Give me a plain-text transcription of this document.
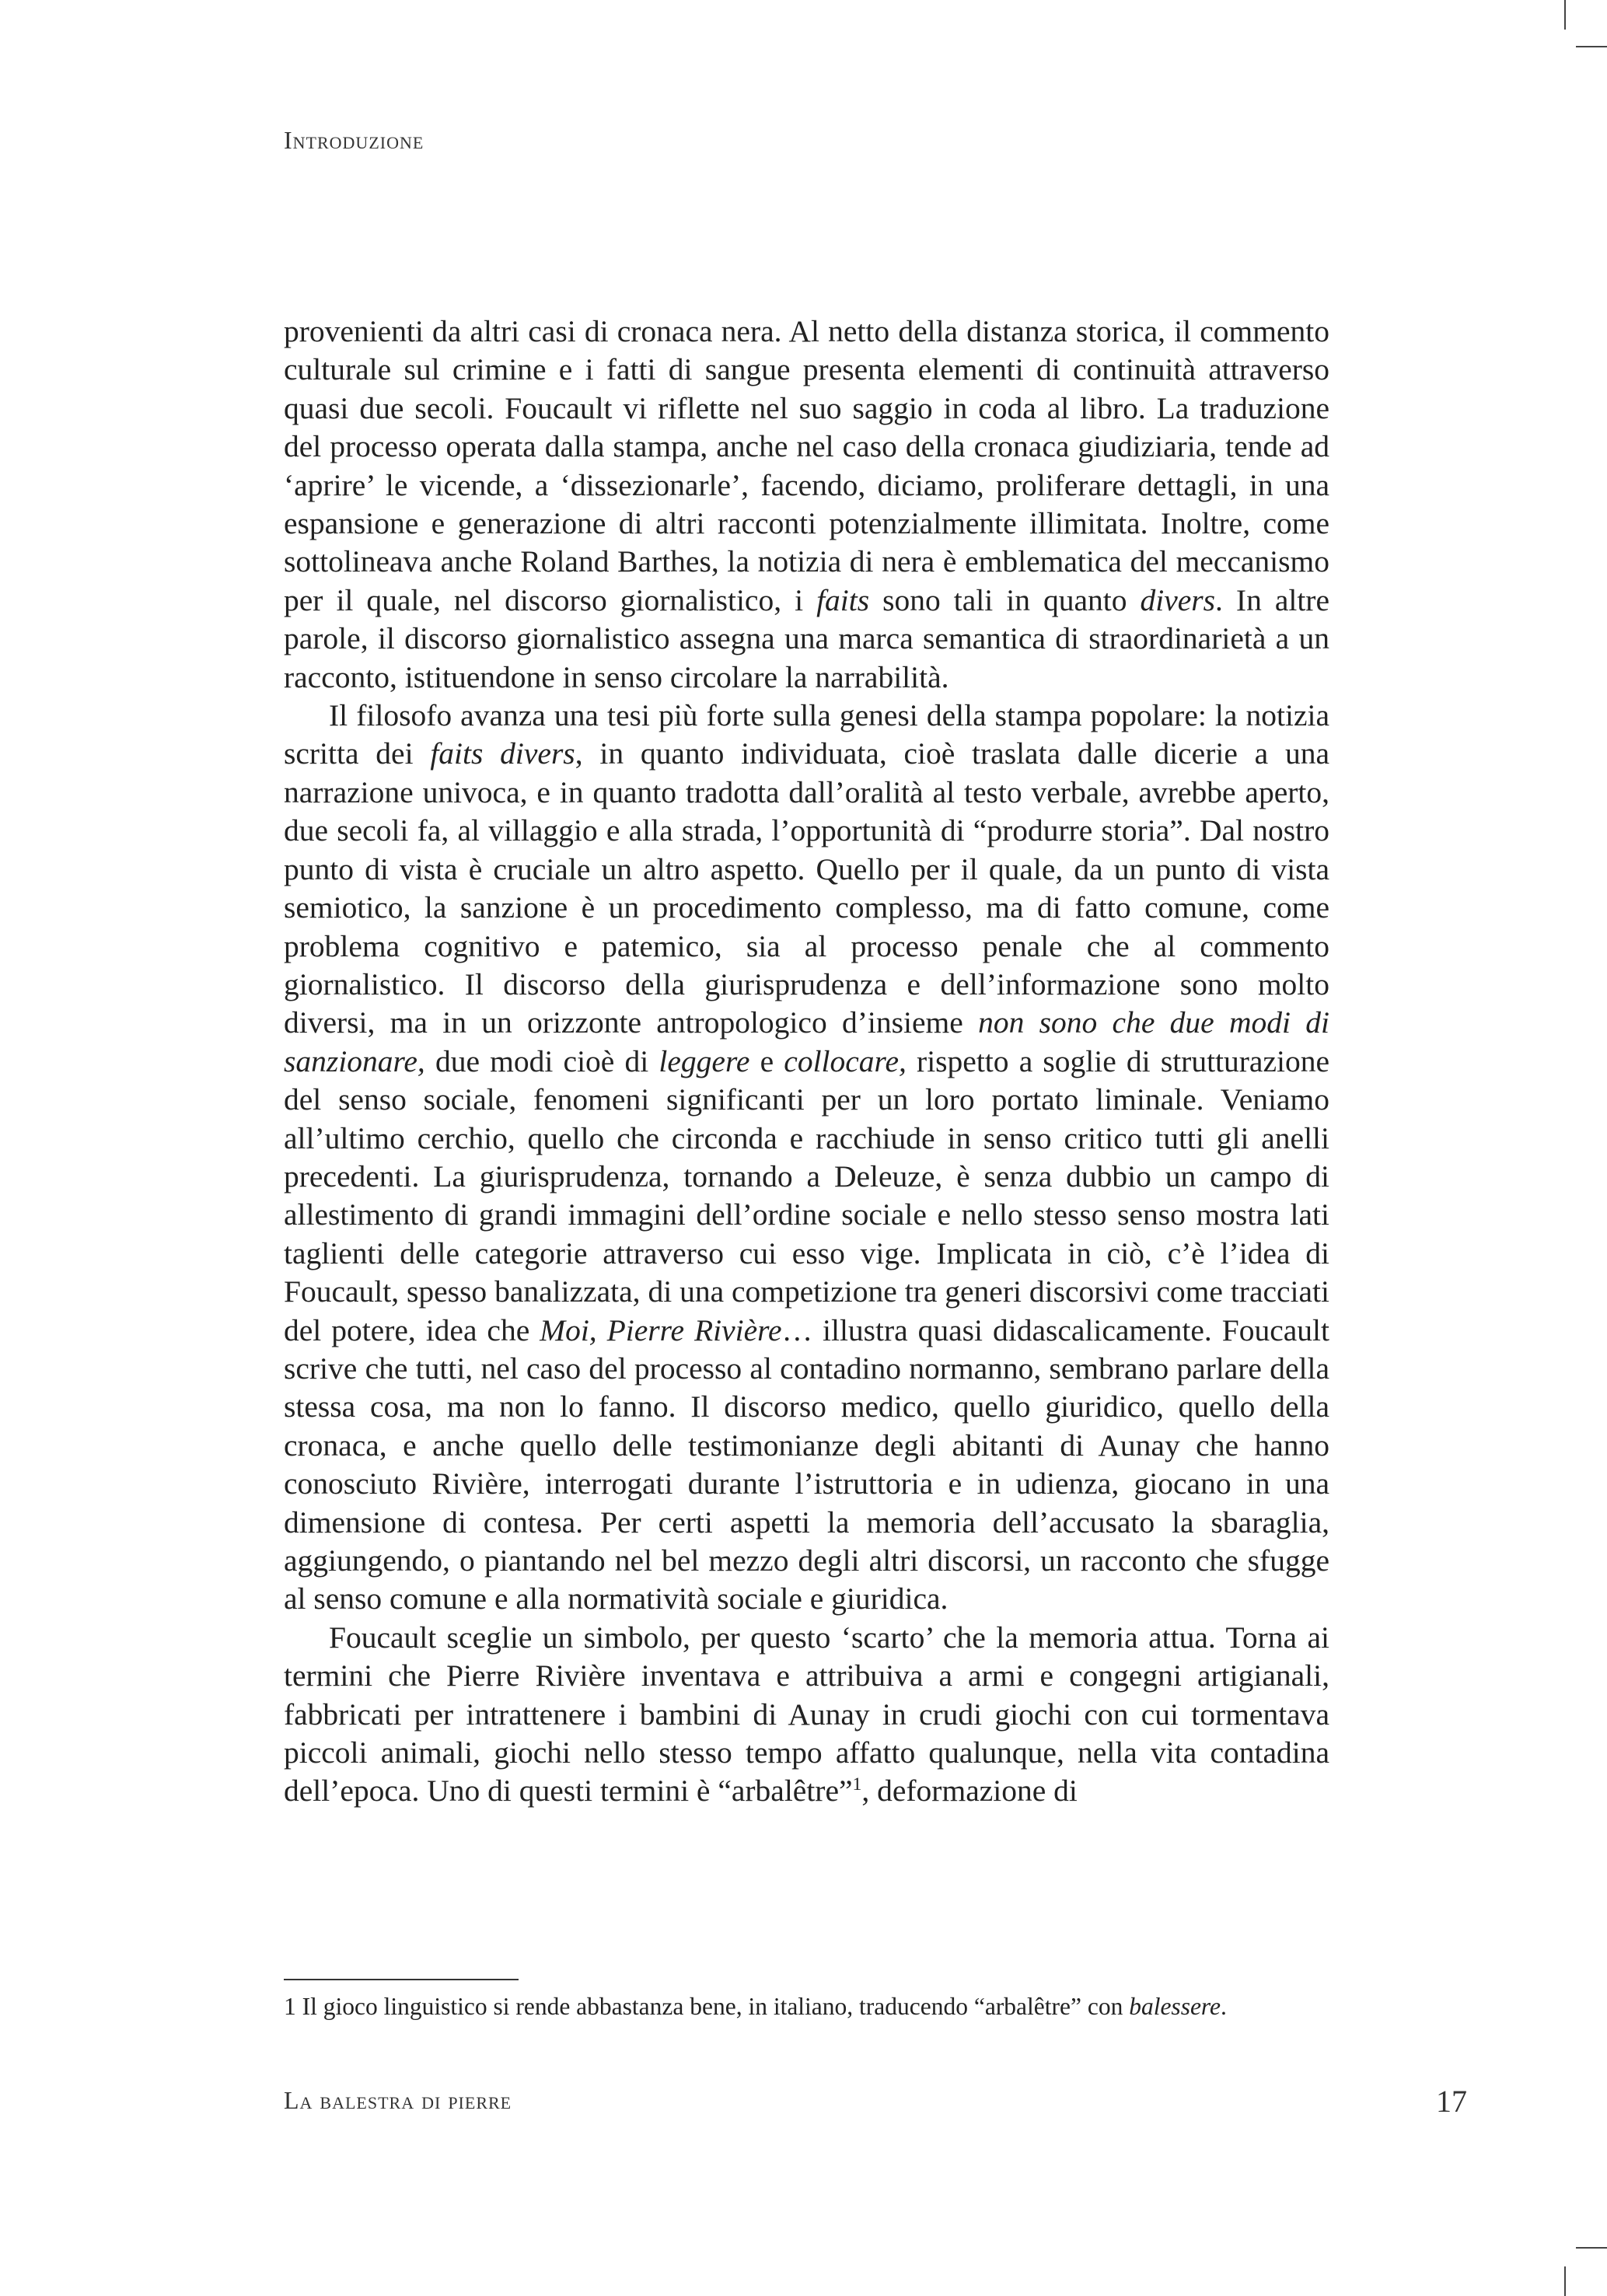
Introduzione

provenienti da altri casi di cronaca nera. Al netto della distanza storica, il commento culturale sul crimine e i fatti di sangue presenta elementi di continuità attraverso quasi due secoli. Foucault vi riflette nel suo saggio in coda al libro. La traduzione del processo operata dalla stampa, anche nel caso della cronaca giudiziaria, tende ad ‘aprire’ le vicende, a ‘dissezionarle’, facendo, diciamo, proliferare dettagli, in una espansione e generazione di altri racconti potenzialmente illimitata. Inoltre, come sottolineava anche Roland Barthes, la notizia di nera è emblematica del meccanismo per il quale, nel discorso giornalistico, i faits sono tali in quanto divers. In altre parole, il discorso giornalistico assegna una marca semantica di straordinarietà a un racconto, istituendone in senso circolare la narrabilità.

Il filosofo avanza una tesi più forte sulla genesi della stampa popolare: la notizia scritta dei faits divers, in quanto individuata, cioè traslata dalle dicerie a una narrazione univoca, e in quanto tradotta dall’oralità al testo verbale, avrebbe aperto, due secoli fa, al villaggio e alla strada, l’opportunità di “produrre storia”. Dal nostro punto di vista è cruciale un altro aspetto. Quello per il quale, da un punto di vista semiotico, la sanzione è un procedimento complesso, ma di fatto comune, come problema cognitivo e patemico, sia al processo penale che al commento giornalistico. Il discorso della giurisprudenza e dell’informazione sono molto diversi, ma in un orizzonte antropologico d’insieme non sono che due modi di sanzionare, due modi cioè di leggere e collocare, rispetto a soglie di strutturazione del senso sociale, fenomeni significanti per un loro portato liminale. Veniamo all’ultimo cerchio, quello che circonda e racchiude in senso critico tutti gli anelli precedenti. La giurisprudenza, tornando a Deleuze, è senza dubbio un campo di allestimento di grandi immagini dell’ordine sociale e nello stesso senso mostra lati taglienti delle categorie attraverso cui esso vige. Implicata in ciò, c’è l’idea di Foucault, spesso banalizzata, di una competizione tra generi discorsivi come tracciati del potere, idea che Moi, Pierre Rivière… illustra quasi didascalicamente. Foucault scrive che tutti, nel caso del processo al contadino normanno, sembrano parlare della stessa cosa, ma non lo fanno. Il discorso medico, quello giuridico, quello della cronaca, e anche quello delle testimonianze degli abitanti di Aunay che hanno conosciuto Rivière, interrogati durante l’istruttoria e in udienza, giocano in una dimensione di contesa. Per certi aspetti la memoria dell’accusato la sbaraglia, aggiungendo, o piantando nel bel mezzo degli altri discorsi, un racconto che sfugge al senso comune e alla normatività sociale e giuridica.

Foucault sceglie un simbolo, per questo ‘scarto’ che la memoria attua. Torna ai termini che Pierre Rivière inventava e attribuiva a armi e congegni artigianali, fabbricati per intrattenere i bambini di Aunay in crudi giochi con cui tormentava piccoli animali, giochi nello stesso tempo affatto qualunque, nella vita contadina dell’epoca. Uno di questi termini è “arbalêtre”$^1$, deformazione di

1 Il gioco linguistico si rende abbastanza bene, in italiano, traducendo “arbalêtre” con balessere.
La balestra di pierre	17
